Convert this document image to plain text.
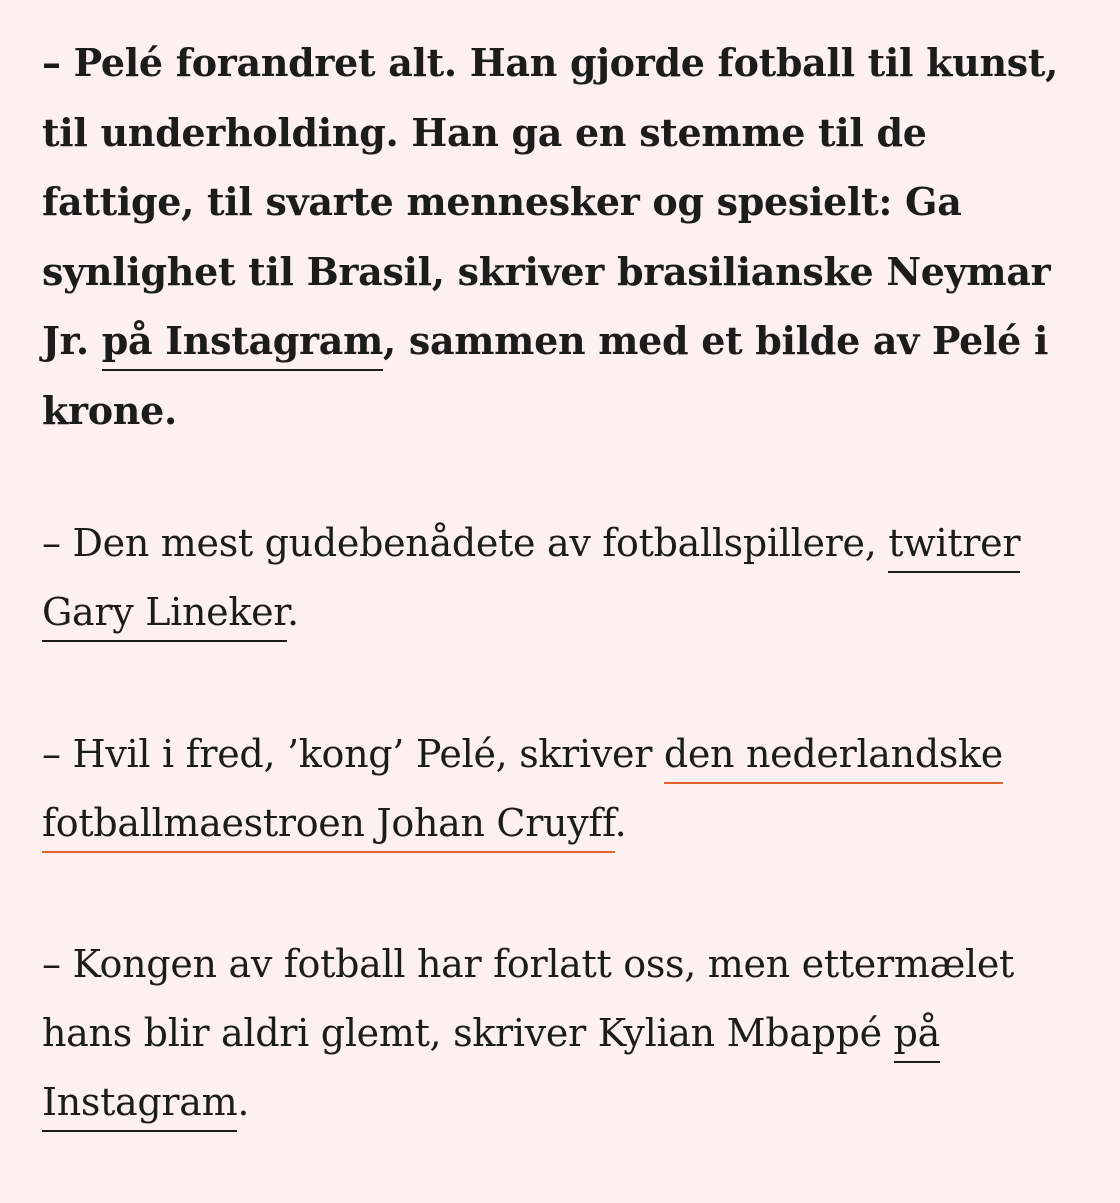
– Pelé forandret alt. Han gjorde fotball til kunst, til underholding. Han ga en stemme til de fattige, til svarte mennesker og spesielt: Ga synlighet til Brasil, skriver brasilianske Neymar Jr. på Instagram, sammen med et bilde av Pelé i krone.

– Den mest gudebenådete av fotballspillere, twitrer Gary Lineker.

– Hvil i fred, ’kong’ Pelé, skriver den nederlandske fotballmaestroen Johan Cruyff.

– Kongen av fotball har forlatt oss, men ettermælet hans blir aldri glemt, skriver Kylian Mbappé på Instagram.
